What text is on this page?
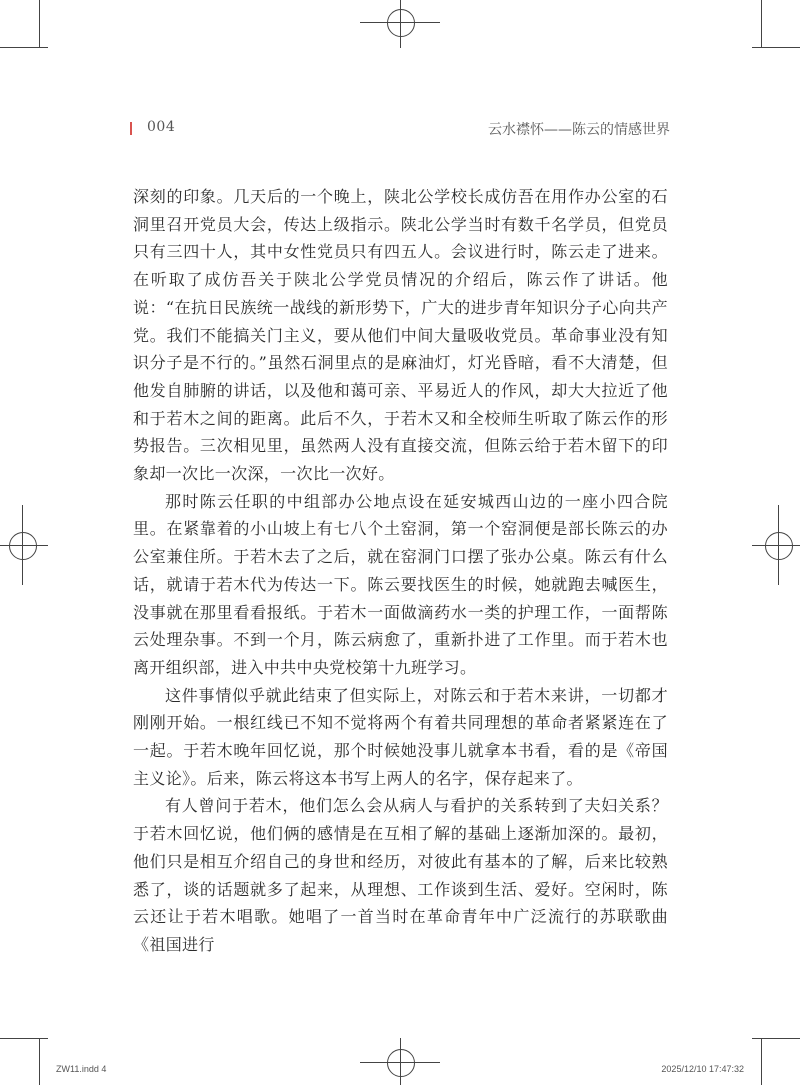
004	云水襟怀——陈云的情感世界

深刻的印象。几天后的一个晚上，陕北公学校长成仿吾在用作办公室的石洞里召开党员大会，传达上级指示。陕北公学当时有数千名学员，但党员只有三四十人，其中女性党员只有四五人。会议进行时，陈云走了进来。在听取了成仿吾关于陕北公学党员情况的介绍后，陈云作了讲话。他说：“在抗日民族统一战线的新形势下，广大的进步青年知识分子心向共产党。我们不能搞关门主义，要从他们中间大量吸收党员。革命事业没有知识分子是不行的。”虽然石洞里点的是麻油灯，灯光昏暗，看不大清楚，但他发自肺腑的讲话，以及他和蔼可亲、平易近人的作风，却大大拉近了他和于若木之间的距离。此后不久，于若木又和全校师生听取了陈云作的形势报告。三次相见里，虽然两人没有直接交流，但陈云给于若木留下的印象却一次比一次深，一次比一次好。

那时陈云任职的中组部办公地点设在延安城西山边的一座小四合院里。在紧靠着的小山坡上有七八个土窑洞，第一个窑洞便是部长陈云的办公室兼住所。于若木去了之后，就在窑洞门口摆了张办公桌。陈云有什么话，就请于若木代为传达一下。陈云要找医生的时候，她就跑去喊医生，没事就在那里看看报纸。于若木一面做滴药水一类的护理工作，一面帮陈云处理杂事。不到一个月，陈云病愈了，重新扑进了工作里。而于若木也离开组织部，进入中共中央党校第十九班学习。

这件事情似乎就此结束了但实际上，对陈云和于若木来讲，一切都才刚刚开始。一根红线已不知不觉将两个有着共同理想的革命者紧紧连在了一起。于若木晚年回忆说，那个时候她没事儿就拿本书看，看的是《帝国主义论》。后来，陈云将这本书写上两人的名字，保存起来了。

有人曾问于若木，他们怎么会从病人与看护的关系转到了夫妇关系？于若木回忆说，他们俩的感情是在互相了解的基础上逐渐加深的。最初，他们只是相互介绍自己的身世和经历，对彼此有基本的了解，后来比较熟悉了，谈的话题就多了起来，从理想、工作谈到生活、爱好。空闲时，陈云还让于若木唱歌。她唱了一首当时在革命青年中广泛流行的苏联歌曲《祖国进行

ZW11.indd 4	2025/12/10 17:47:32
